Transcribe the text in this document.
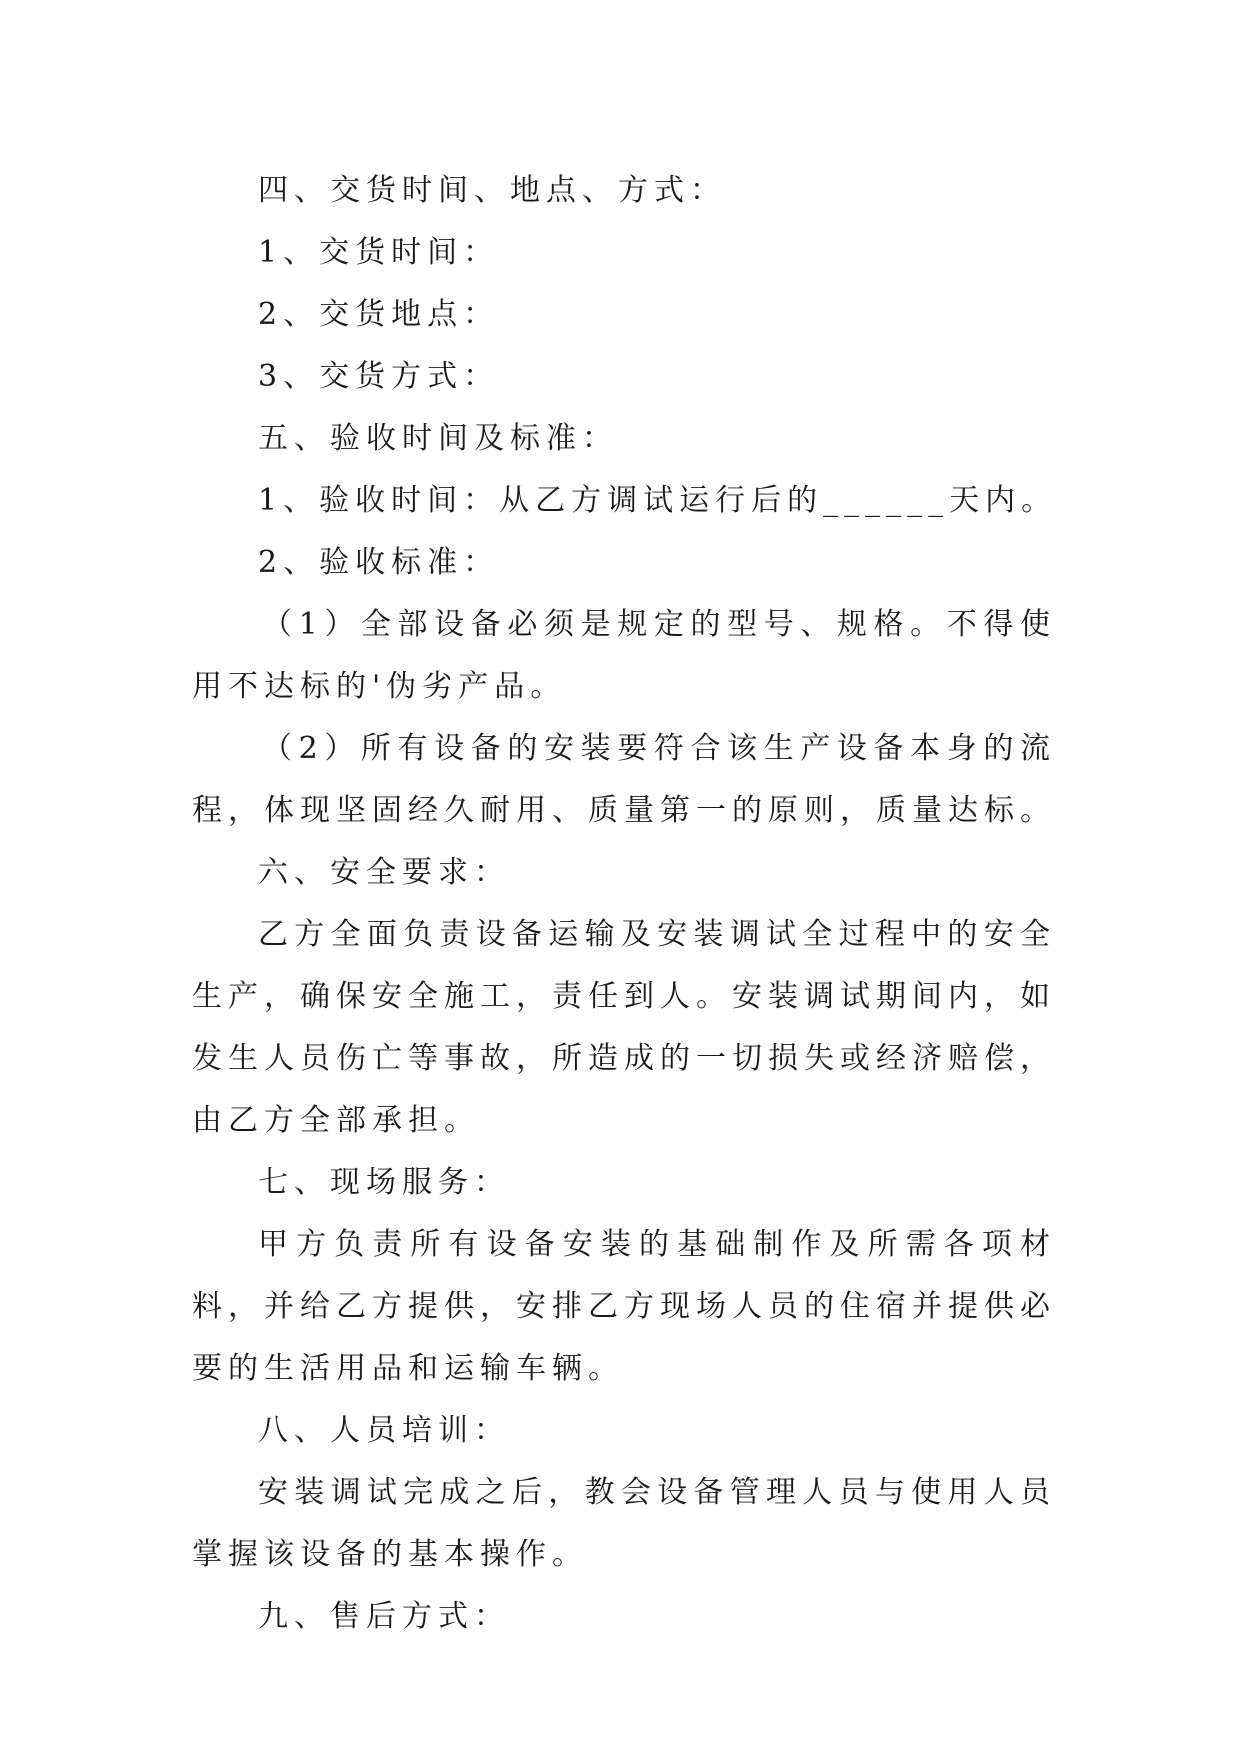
四、交货时间、地点、方式：

1、交货时间：

2、交货地点：

3、交货方式：

五、验收时间及标准：

1、验收时间：从乙方调试运行后的______天内。

2、验收标准：

（1）全部设备必须是规定的型号、规格。不得使用不达标的'伪劣产品。

（2）所有设备的安装要符合该生产设备本身的流程，体现坚固经久耐用、质量第一的原则，质量达标。

六、安全要求：

乙方全面负责设备运输及安装调试全过程中的安全生产，确保安全施工，责任到人。安装调试期间内，如发生人员伤亡等事故，所造成的一切损失或经济赔偿，由乙方全部承担。

七、现场服务：

甲方负责所有设备安装的基础制作及所需各项材料，并给乙方提供，安排乙方现场人员的住宿并提供必要的生活用品和运输车辆。

八、人员培训：

安装调试完成之后，教会设备管理人员与使用人员掌握该设备的基本操作。

九、售后方式：
